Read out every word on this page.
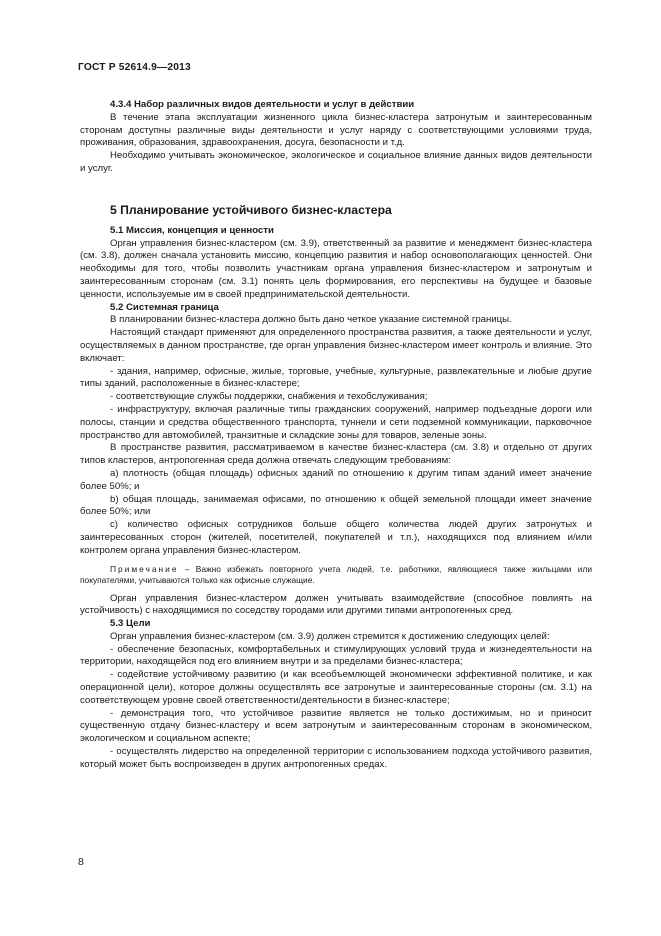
ГОСТ Р 52614.9—2013

4.3.4 Набор различных видов деятельности и услуг в действии

В течение этапа эксплуатации жизненного цикла бизнес-кластера затронутым и заинтересованным сторонам доступны различные виды деятельности и услуг наряду с соответствующими условиями труда, проживания, образования, здравоохранения, досуга, безопасности и т.д.

Необходимо учитывать экономическое, экологическое и социальное влияние данных видов деятельности и услуг.

5 Планирование устойчивого бизнес-кластера

5.1 Миссия, концепция и ценности

Орган управления бизнес-кластером (см. 3.9), ответственный за развитие и менеджмент бизнес-кластера (см. 3.8), должен сначала установить миссию, концепцию развития и набор основополагающих ценностей. Они необходимы для того, чтобы позволить участникам органа управления бизнес-кластером и затронутым и заинтересованным сторонам (см. 3.1) понять цель формирования, его перспективы на будущее и базовые ценности, используемые им в своей предпринимательской деятельности.

5.2 Системная граница

В планировании бизнес-кластера должно быть дано четкое указание системной границы.

Настоящий стандарт применяют для определенного пространства развития, а также деятельности и услуг, осуществляемых в данном пространстве, где орган управления бизнес-кластером имеет контроль и влияние. Это включает:

- здания, например, офисные, жилые, торговые, учебные, культурные, развлекательные и любые другие типы зданий, расположенные в бизнес-кластере;

- соответствующие службы поддержки, снабжения и техобслуживания;

- инфраструктуру, включая различные типы гражданских сооружений, например подъездные дороги или полосы, станции и средства общественного транспорта, туннели и сети подземной коммуникации, парковочное пространство для автомобилей, транзитные и складские зоны для товаров, зеленые зоны.

В пространстве развития, рассматриваемом в качестве бизнес-кластера (см. 3.8) и отдельно от других типов кластеров, антропогенная среда должна отвечать следующим требованиям:

a) плотность (общая площадь) офисных зданий по отношению к другим типам зданий имеет значение более 50%; и

b) общая площадь, занимаемая офисами, по отношению к общей земельной площади имеет значение более 50%; или

c) количество офисных сотрудников больше общего количества людей других затронутых и заинтересованных сторон (жителей, посетителей, покупателей и т.п.), находящихся под влиянием и/или контролем органа управления бизнес-кластером.

Примечание – Важно избежать повторного учета людей, т.е. работники, являющиеся также жильцами или покупателями, учитываются только как офисные служащие.

Орган управления бизнес-кластером должен учитывать взаимодействие (способное повлиять на устойчивость) с находящимися по соседству городами или другими типами антропогенных сред.

5.3 Цели

Орган управления бизнес-кластером (см. 3.9) должен стремится к достижению следующих целей:

- обеспечение безопасных, комфортабельных и стимулирующих условий труда и жизнедеятельности на территории, находящейся под его влиянием внутри и за пределами бизнес-кластера;

- содействие устойчивому развитию (и как всеобъемлющей экономически эффективной политике, и как операционной цели), которое должны осуществлять все затронутые и заинтересованные стороны (см. 3.1) на соответствующем уровне своей ответственности/деятельности в бизнес-кластере;

- демонстрация того, что устойчивое развитие является не только достижимым, но и приносит существенную отдачу бизнес-кластеру и всем затронутым и заинтересованным сторонам в экономическом, экологическом и социальном аспекте;

- осуществлять лидерство на определенной территории с использованием подхода устойчивого развития, который может быть воспроизведен в других антропогенных средах.

8
